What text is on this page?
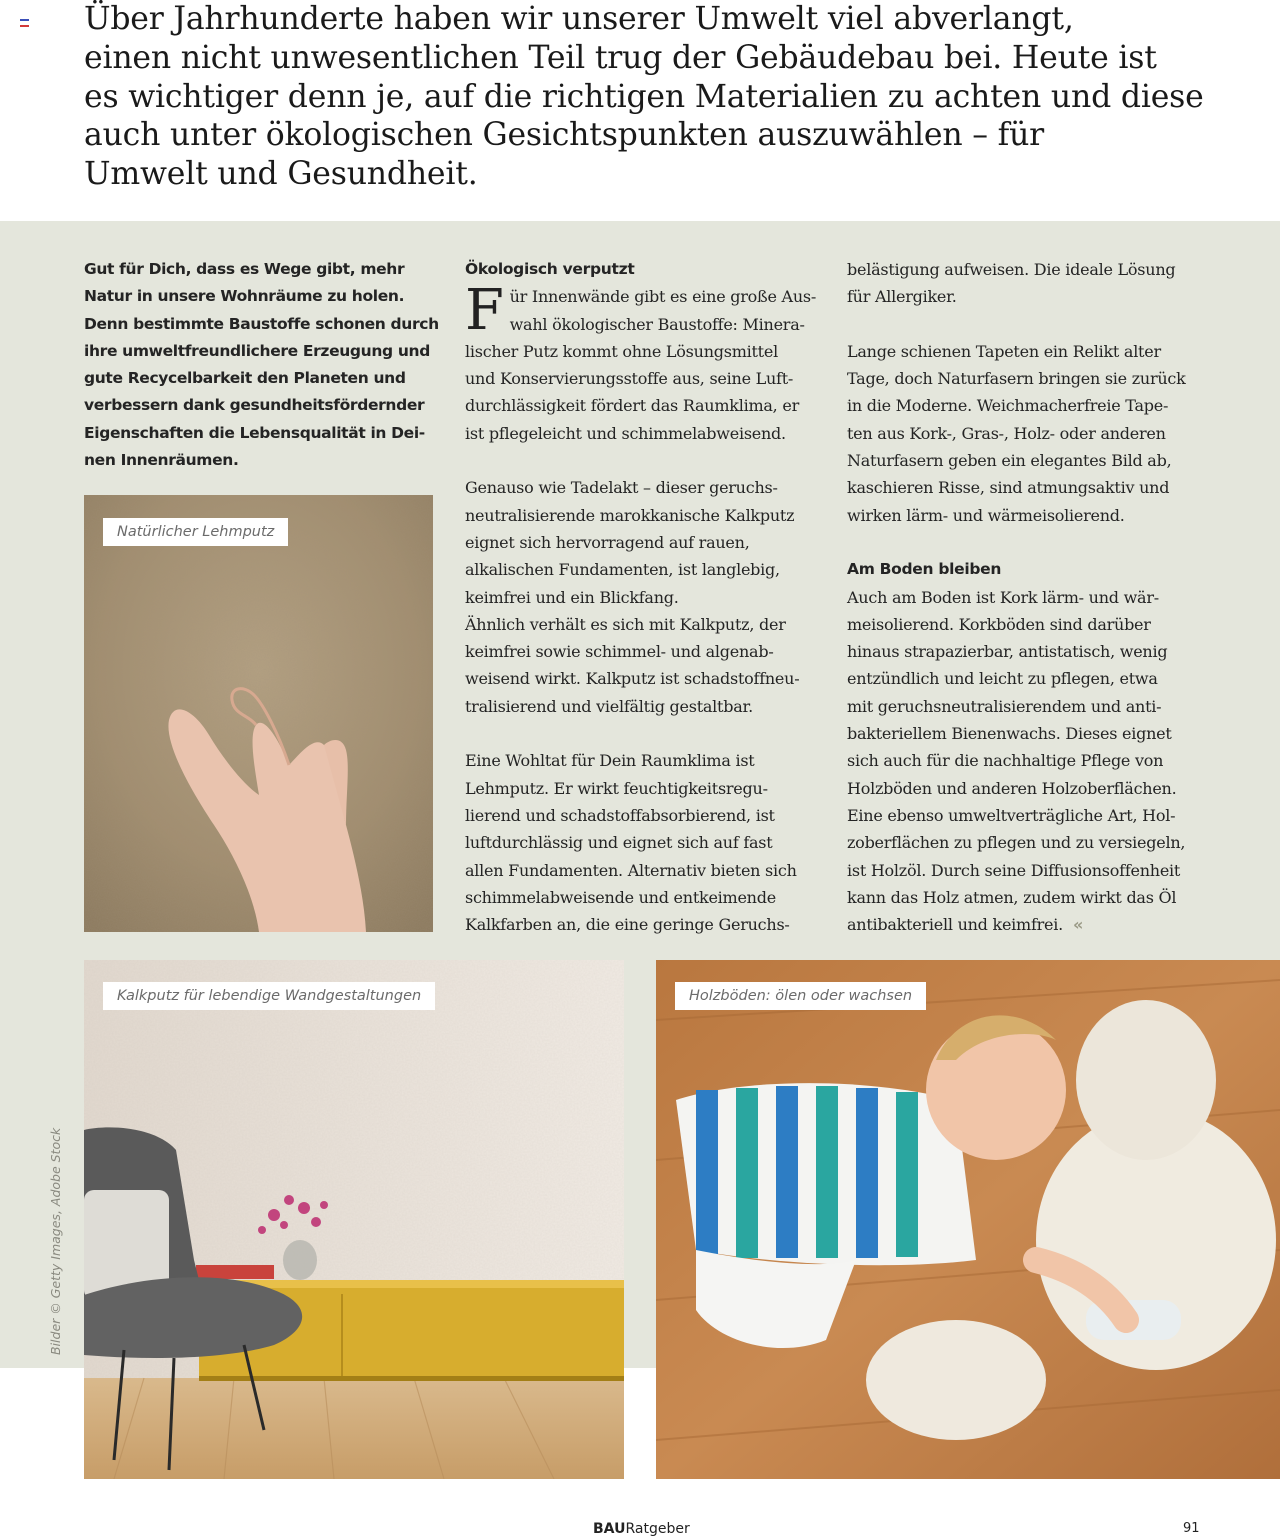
Über Jahrhunderte haben wir unserer Umwelt viel abverlangt,
einen nicht unwesentlichen Teil trug der Gebäudebau bei. Heute ist
es wichtiger denn je, auf die richtigen Materialien zu achten und diese
auch unter ökologischen Gesichtspunkten auszuwählen – für
Umwelt und Gesundheit.
Gut für Dich, dass es Wege gibt, mehr
Natur in unsere Wohnräume zu holen.
Denn bestimmte Baustoffe schonen durch
ihre umweltfreundlichere Erzeugung und
gute Recycelbarkeit den Planeten und
verbessern dank gesundheitsfördernder
Eigenschaften die Lebensqualität in Dei-
nen Innenräumen.
Natürlicher Lehmputz
Ökologisch verputzt
F ür Innenwände gibt es eine große Aus-
wahl ökologischer Baustoffe: Minera-
lischer Putz kommt ohne Lösungsmittel
und Konservierungsstoffe aus, seine Luft-
durchlässigkeit fördert das Raumklima, er
ist pflegeleicht und schimmelabweisend.
Genauso wie Tadelakt – dieser geruchs-
neutralisierende marokkanische Kalkputz
eignet sich hervorragend auf rauen,
alkalischen Fundamenten, ist langlebig,
keimfrei und ein Blickfang.
Ähnlich verhält es sich mit Kalkputz, der
keimfrei sowie schimmel- und algenab-
weisend wirkt. Kalkputz ist schadstoffneu-
tralisierend und vielfältig gestaltbar.
Eine Wohltat für Dein Raumklima ist
Lehmputz. Er wirkt feuchtigkeitsregu-
lierend und schadstoffabsorbierend, ist
luftdurchlässig und eignet sich auf fast
allen Fundamenten. Alternativ bieten sich
schimmelabweisende und entkeimende
Kalkfarben an, die eine geringe Geruchs-
belästigung aufweisen. Die ideale Lösung
für Allergiker.
Lange schienen Tapeten ein Relikt alter
Tage, doch Naturfasern bringen sie zurück
in die Moderne. Weichmacherfreie Tape-
ten aus Kork-, Gras-, Holz- oder anderen
Naturfasern geben ein elegantes Bild ab,
kaschieren Risse, sind atmungsaktiv und
wirken lärm- und wärmeisolierend.
Am Boden bleiben
Auch am Boden ist Kork lärm- und wär-
meisolierend. Korkböden sind darüber
hinaus strapazierbar, antistatisch, wenig
entzündlich und leicht zu pflegen, etwa
mit geruchsneutralisierendem und anti-
bakteriellem Bienenwachs. Dieses eignet
sich auch für die nachhaltige Pflege von
Holzböden und anderen Holzoberflächen.
Eine ebenso umweltverträgliche Art, Hol-
zoberflächen zu pflegen und zu versiegeln,
ist Holzöl. Durch seine Diffusionsoffenheit
kann das Holz atmen, zudem wirkt das Öl
antibakteriell und keimfrei. «
Kalkputz für lebendige Wandgestaltungen	Holzböden: ölen oder wachsen
Bilder © Getty Images, Adobe Stock
BAURatgeber	91
